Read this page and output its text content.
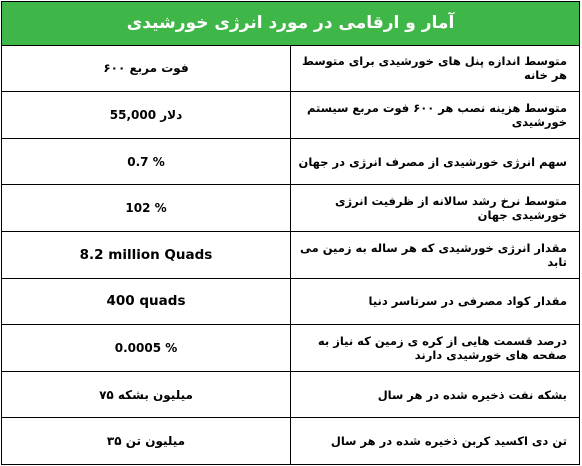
آمار و ارقامی در مورد انرژی خورشیدی	
۶۰۰ فوت مربع	متوسط اندازه پنل های خورشیدی برای متوسط هر خانه
55,000 دلار	متوسط هزینه نصب هر ۶۰۰ فوت مربع سیستم خورشیدی
0.7 %	سهم انرژی خورشیدی از مصرف انرژی در جهان
102 %	متوسط نرخ رشد سالانه از ظرفیت انرژی خورشیدی جهان
8.2 million Quads	مقدار انرژی خورشیدی که هر ساله به زمین می تابد
400 quads	مقدار کواد مصرفی در سرتاسر دنیا
0.0005 %	درصد قسمت هایی از کره ی زمین که نیاز به صفحه های خورشیدی دارند
۷۵ میلیون بشکه	بشکه نفت ذخیره شده در هر سال
۳۵ میلیون تن	تن دی اکسید کربن ذخیره شده در هر سال
